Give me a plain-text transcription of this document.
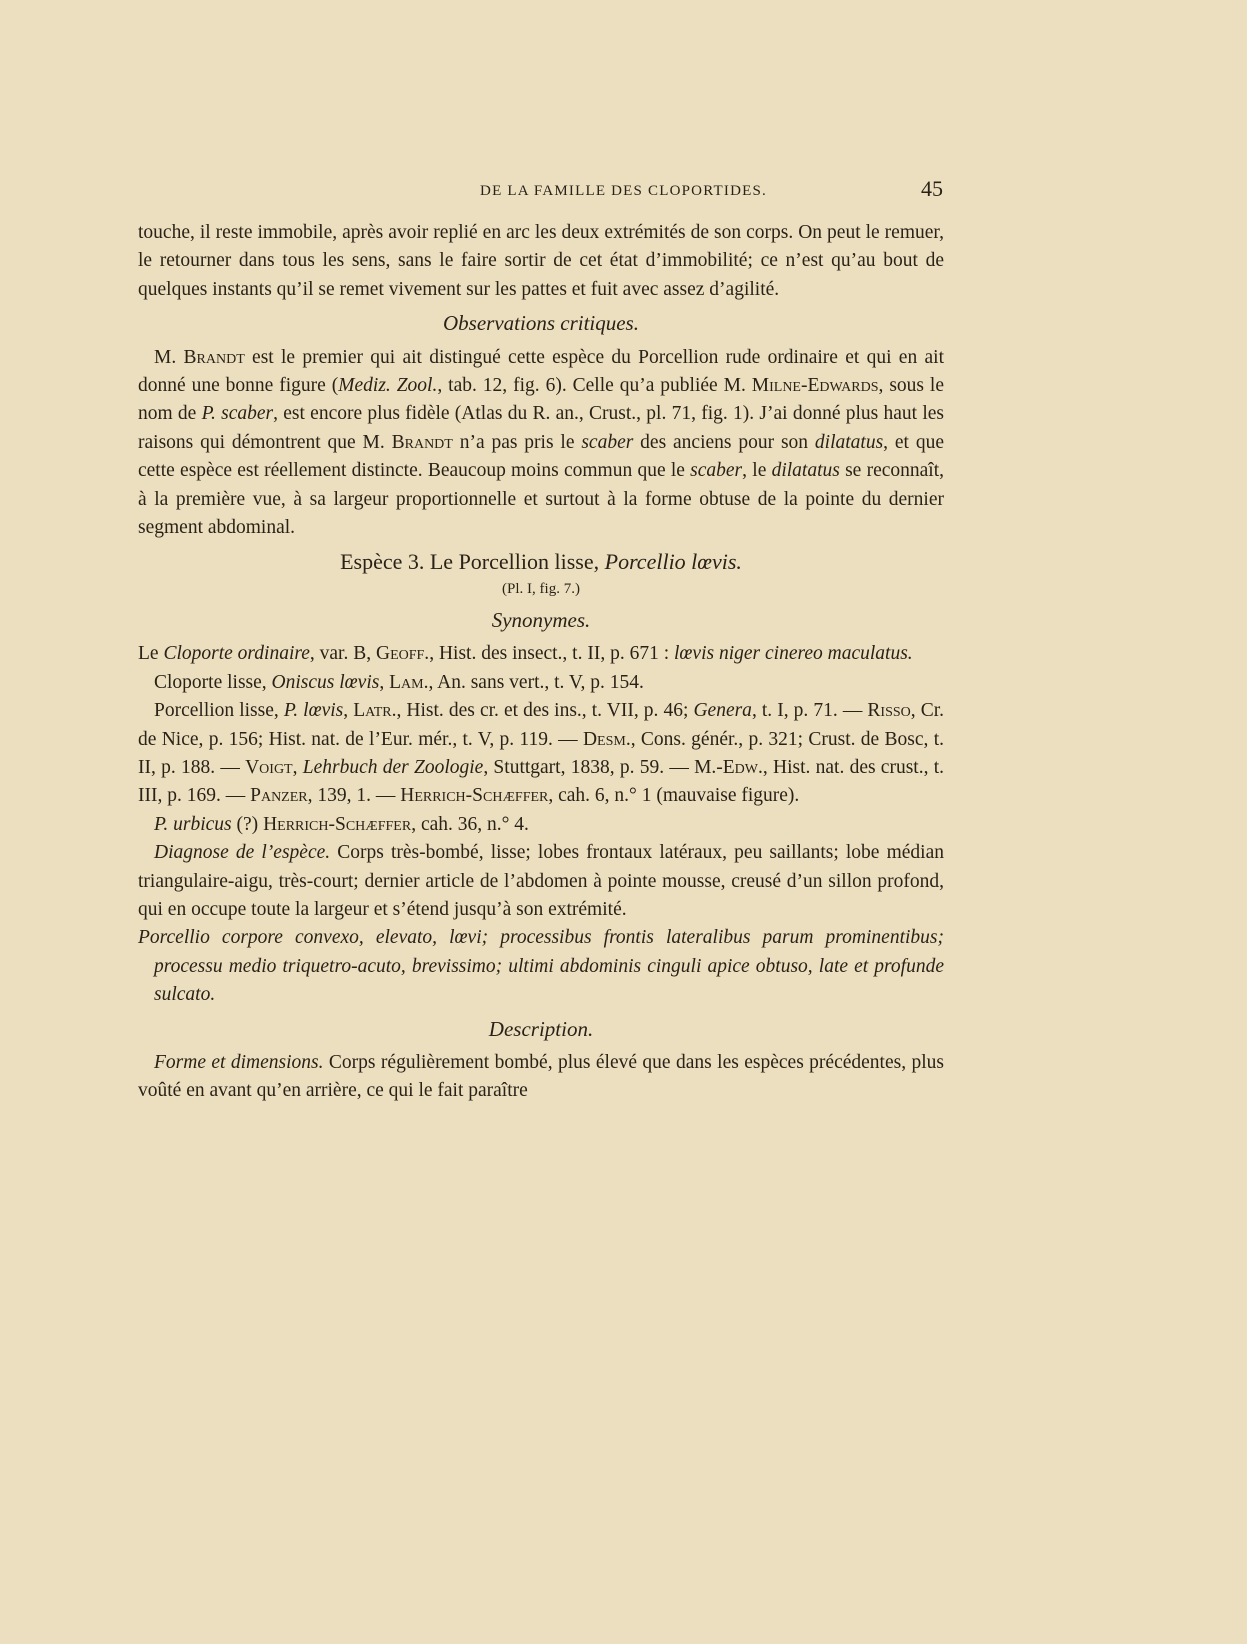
DE LA FAMILLE DES CLOPORTIDES.	45

touche, il reste immobile, après avoir replié en arc les deux extrémités de son corps. On peut le remuer, le retourner dans tous les sens, sans le faire sortir de cet état d’immobilité; ce n’est qu’au bout de quelques instants qu’il se remet vivement sur les pattes et fuit avec assez d’agilité.

Observations critiques.

M. Brandt est le premier qui ait distingué cette espèce du Porcellion rude ordinaire et qui en ait donné une bonne figure (Mediz. Zool., tab. 12, fig. 6). Celle qu’a publiée M. Milne-Edwards, sous le nom de P. scaber, est encore plus fidèle (Atlas du R. an., Crust., pl. 71, fig. 1). J’ai donné plus haut les raisons qui démontrent que M. Brandt n’a pas pris le scaber des anciens pour son dilatatus, et que cette espèce est réellement distincte. Beaucoup moins commun que le scaber, le dilatatus se reconnaît, à la première vue, à sa largeur proportionnelle et surtout à la forme obtuse de la pointe du dernier segment abdominal.

Espèce 3. Le Porcellion lisse, Porcellio lœvis.
(Pl. I, fig. 7.)
Synonymes.

Le Cloporte ordinaire, var. B, Geoff., Hist. des insect., t. II, p. 671 : lœvis niger cinereo maculatus.

Cloporte lisse, Oniscus lœvis, Lam., An. sans vert., t. V, p. 154.

Porcellion lisse, P. lœvis, Latr., Hist. des cr. et des ins., t. VII, p. 46; Genera, t. I, p. 71. — Risso, Cr. de Nice, p. 156; Hist. nat. de l’Eur. mér., t. V, p. 119. — Desm., Cons. génér., p. 321; Crust. de Bosc, t. II, p. 188. — Voigt, Lehrbuch der Zoologie, Stuttgart, 1838, p. 59. — M.-Edw., Hist. nat. des crust., t. III, p. 169. — Panzer, 139, 1. — Herrich-Schæffer, cah. 6, n.° 1 (mauvaise figure).

P. urbicus (?) Herrich-Schæffer, cah. 36, n.° 4.

Diagnose de l’espèce. Corps très-bombé, lisse; lobes frontaux latéraux, peu saillants; lobe médian triangulaire-aigu, très-court; dernier article de l’abdomen à pointe mousse, creusé d’un sillon profond, qui en occupe toute la largeur et s’étend jusqu’à son extrémité.

Porcellio corpore convexo, elevato, lœvi; processibus frontis lateralibus parum prominentibus; processu medio triquetro-acuto, brevissimo; ultimi abdominis cinguli apice obtuso, late et profunde sulcato.

Description.

Forme et dimensions. Corps régulièrement bombé, plus élevé que dans les espèces précédentes, plus voûté en avant qu’en arrière, ce qui le fait paraître
